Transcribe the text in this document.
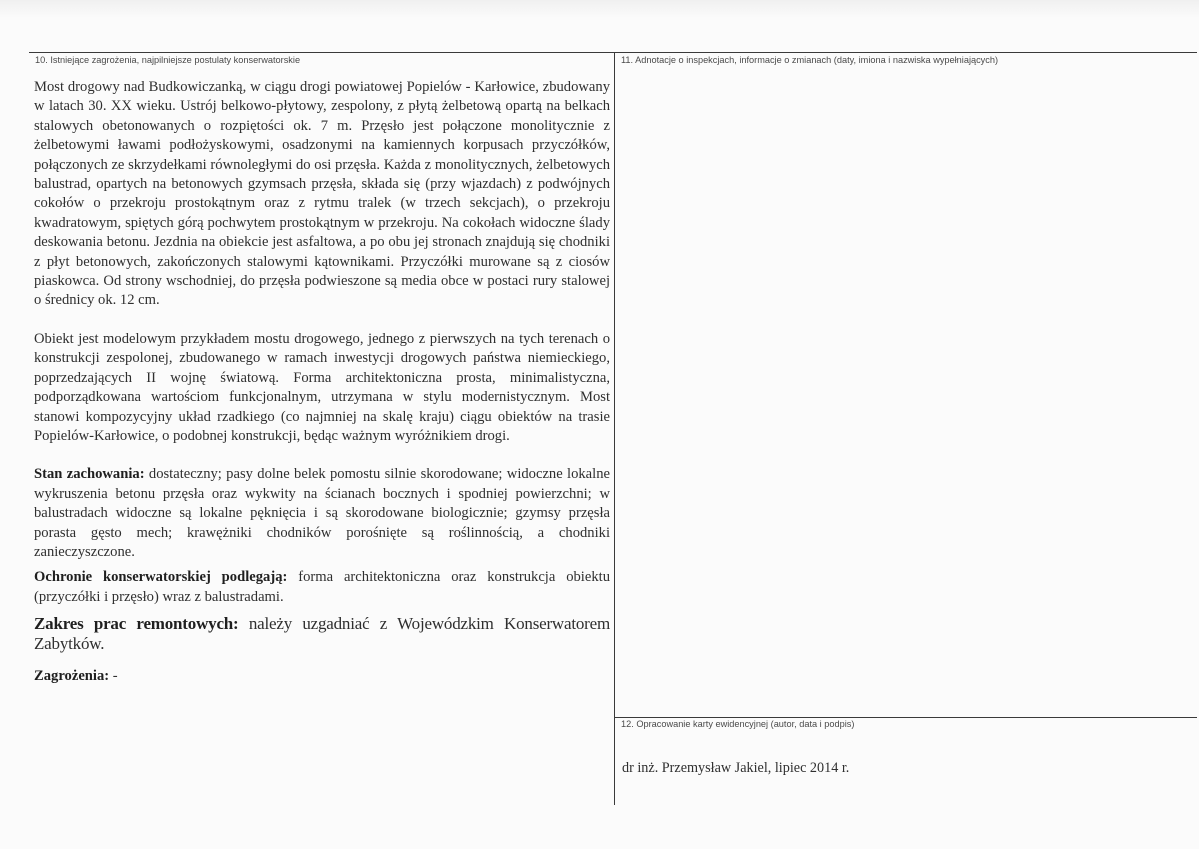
10. Istniejące zagrożenia, najpilniejsze postulaty konserwatorskie	11. Adnotacje o inspekcjach, informacje o zmianach (daty, imiona i nazwiska wypełniających)
12. Opracowanie karty ewidencyjnej (autor, data i podpis)

Most drogowy nad Budkowiczanką, w ciągu drogi powiatowej Popielów - Karłowice, zbudowany w latach 30. XX wieku. Ustrój belkowo-płytowy, zespolony, z płytą żelbetową opartą na belkach stalowych obetonowanych o rozpiętości ok. 7 m. Przęsło jest połączone monolitycznie z żelbetowymi ławami podłożyskowymi, osadzonymi na kamiennych korpusach przyczółków, połączonych ze skrzydełkami równoległymi do osi przęsła. Każda z monolitycznych, żelbetowych balustrad, opartych na betonowych gzymsach przęsła, składa się (przy wjazdach) z podwójnych cokołów o przekroju prostokątnym oraz z rytmu tralek (w trzech sekcjach), o przekroju kwadratowym, spiętych górą pochwytem prostokątnym w przekroju. Na cokołach widoczne ślady deskowania betonu. Jezdnia na obiekcie jest asfaltowa, a po obu jej stronach znajdują się chodniki z płyt betonowych, zakończonych stalowymi kątownikami. Przyczółki murowane są z ciosów piaskowca. Od strony wschodniej, do przęsła podwieszone są media obce w postaci rury stalowej o średnicy ok. 12 cm.

Obiekt jest modelowym przykładem mostu drogowego, jednego z pierwszych na tych terenach o konstrukcji zespolonej, zbudowanego w ramach inwestycji drogowych państwa niemieckiego, poprzedzających II wojnę światową. Forma architektoniczna prosta, minimalistyczna, podporządkowana wartościom funkcjonalnym, utrzymana w stylu modernistycznym. Most stanowi kompozycyjny układ rzadkiego (co najmniej na skalę kraju) ciągu obiektów na trasie Popielów-Karłowice, o podobnej konstrukcji, będąc ważnym wyróżnikiem drogi.

Stan zachowania: dostateczny; pasy dolne belek pomostu silnie skorodowane; widoczne lokalne wykruszenia betonu przęsła oraz wykwity na ścianach bocznych i spodniej powierzchni; w balustradach widoczne są lokalne pęknięcia i są skorodowane biologicznie; gzymsy przęsła porasta gęsto mech; krawężniki chodników porośnięte są roślinnością, a chodniki zanieczyszczone.

Ochronie konserwatorskiej podlegają: forma architektoniczna oraz konstrukcja obiektu (przyczółki i przęsło) wraz z balustradami.

Zakres prac remontowych: należy uzgadniać z Wojewódzkim Konserwatorem Zabytków.

Zagrożenia: -

dr inż. Przemysław Jakiel, lipiec 2014 r.
